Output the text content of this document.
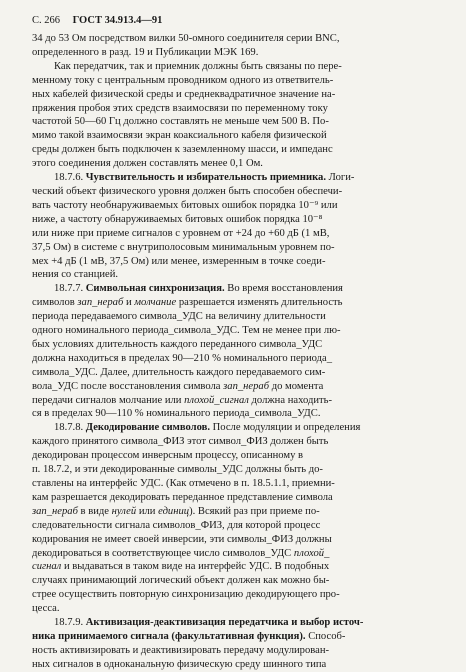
С. 266 ГОСТ 34.913.4—91
34 до 53 Ом посредством вилки 50-омного соединителя серии BNC,
определенного в разд. 19 и Публикации МЭК 169.
Как передатчик, так и приемник должны быть связаны по пере-
менному току с центральным проводником одного из ответвитель-
ных кабелей физической среды и среднеквадратичное значение на-
пряжения пробоя этих средств взаимосвязи по переменному току
частотой 50—60 Гц должно составлять не меньше чем 500 В. По-
мимо такой взаимосвязи экран коаксиального кабеля физической
среды должен быть подключен к заземленному шасси, и импеданс
этого соединения должен составлять менее 0,1 Ом.
18.7.6. Чувствительность и избирательность приемника. Логи-
ческий объект физического уровня должен быть способен обеспечи-
вать частоту необнаруживаемых битовых ошибок порядка 10⁻⁹ или
ниже, а частоту обнаруживаемых битовых ошибок порядка 10⁻⁸
или ниже при приеме сигналов с уровнем от +24 до +60 дБ (1 мВ,
37,5 Ом) в системе с внутриполосовым минимальным уровнем по-
мех +4 дБ (1 мВ, 37,5 Ом) или менее, измеренным в точке соеди-
нения со станцией.
18.7.7. Символьная синхронизация. Во время восстановления
символов зап_нераб и молчание разрешается изменять длительность
периода передаваемого символа_УДС на величину длительности
одного номинального периода_символа_УДС. Тем не менее при лю-
бых условиях длительность каждого переданного символа_УДС
должна находиться в пределах 90—210 % номинального периода_
символа_УДС. Далее, длительность каждого передаваемого сим-
вола_УДС после восстановления символа зап_нераб до момента
передачи сигналов молчание или плохой_сигнал должна находить-
ся в пределах 90—110 % номинального периода_символа_УДС.
18.7.8. Декодирование символов. После модуляции и определения
каждого принятого символа_ФИЗ этот символ_ФИЗ должен быть
декодирован процессом инверсным процессу, описанному в
п. 18.7.2, и эти декодированные символы_УДС должны быть до-
ставлены на интерфейс УДС. (Как отмечено в п. 18.5.1.1, приемни-
кам разрешается декодировать переданное представление символа
зап_нераб в виде нулей или единиц). Всякий раз при приеме по-
следовательности сигнала символов_ФИЗ, для которой процесс
кодирования не имеет своей инверсии, эти символы_ФИЗ должны
декодироваться в соответствующее число символов_УДС плохой_
сигнал и выдаваться в таком виде на интерфейс УДС. В подобных
случаях принимающий логический объект должен как можно бы-
стрее осуществить повторную синхронизацию декодирующего про-
цесса.
18.7.9. Активизация-деактивизация передатчика и выбор источ-
ника принимаемого сигнала (факультативная функция). Способ-
ность активизировать и деактивизировать передачу модулирован-
ных сигналов в одноканальную физическую среду шинного типа
